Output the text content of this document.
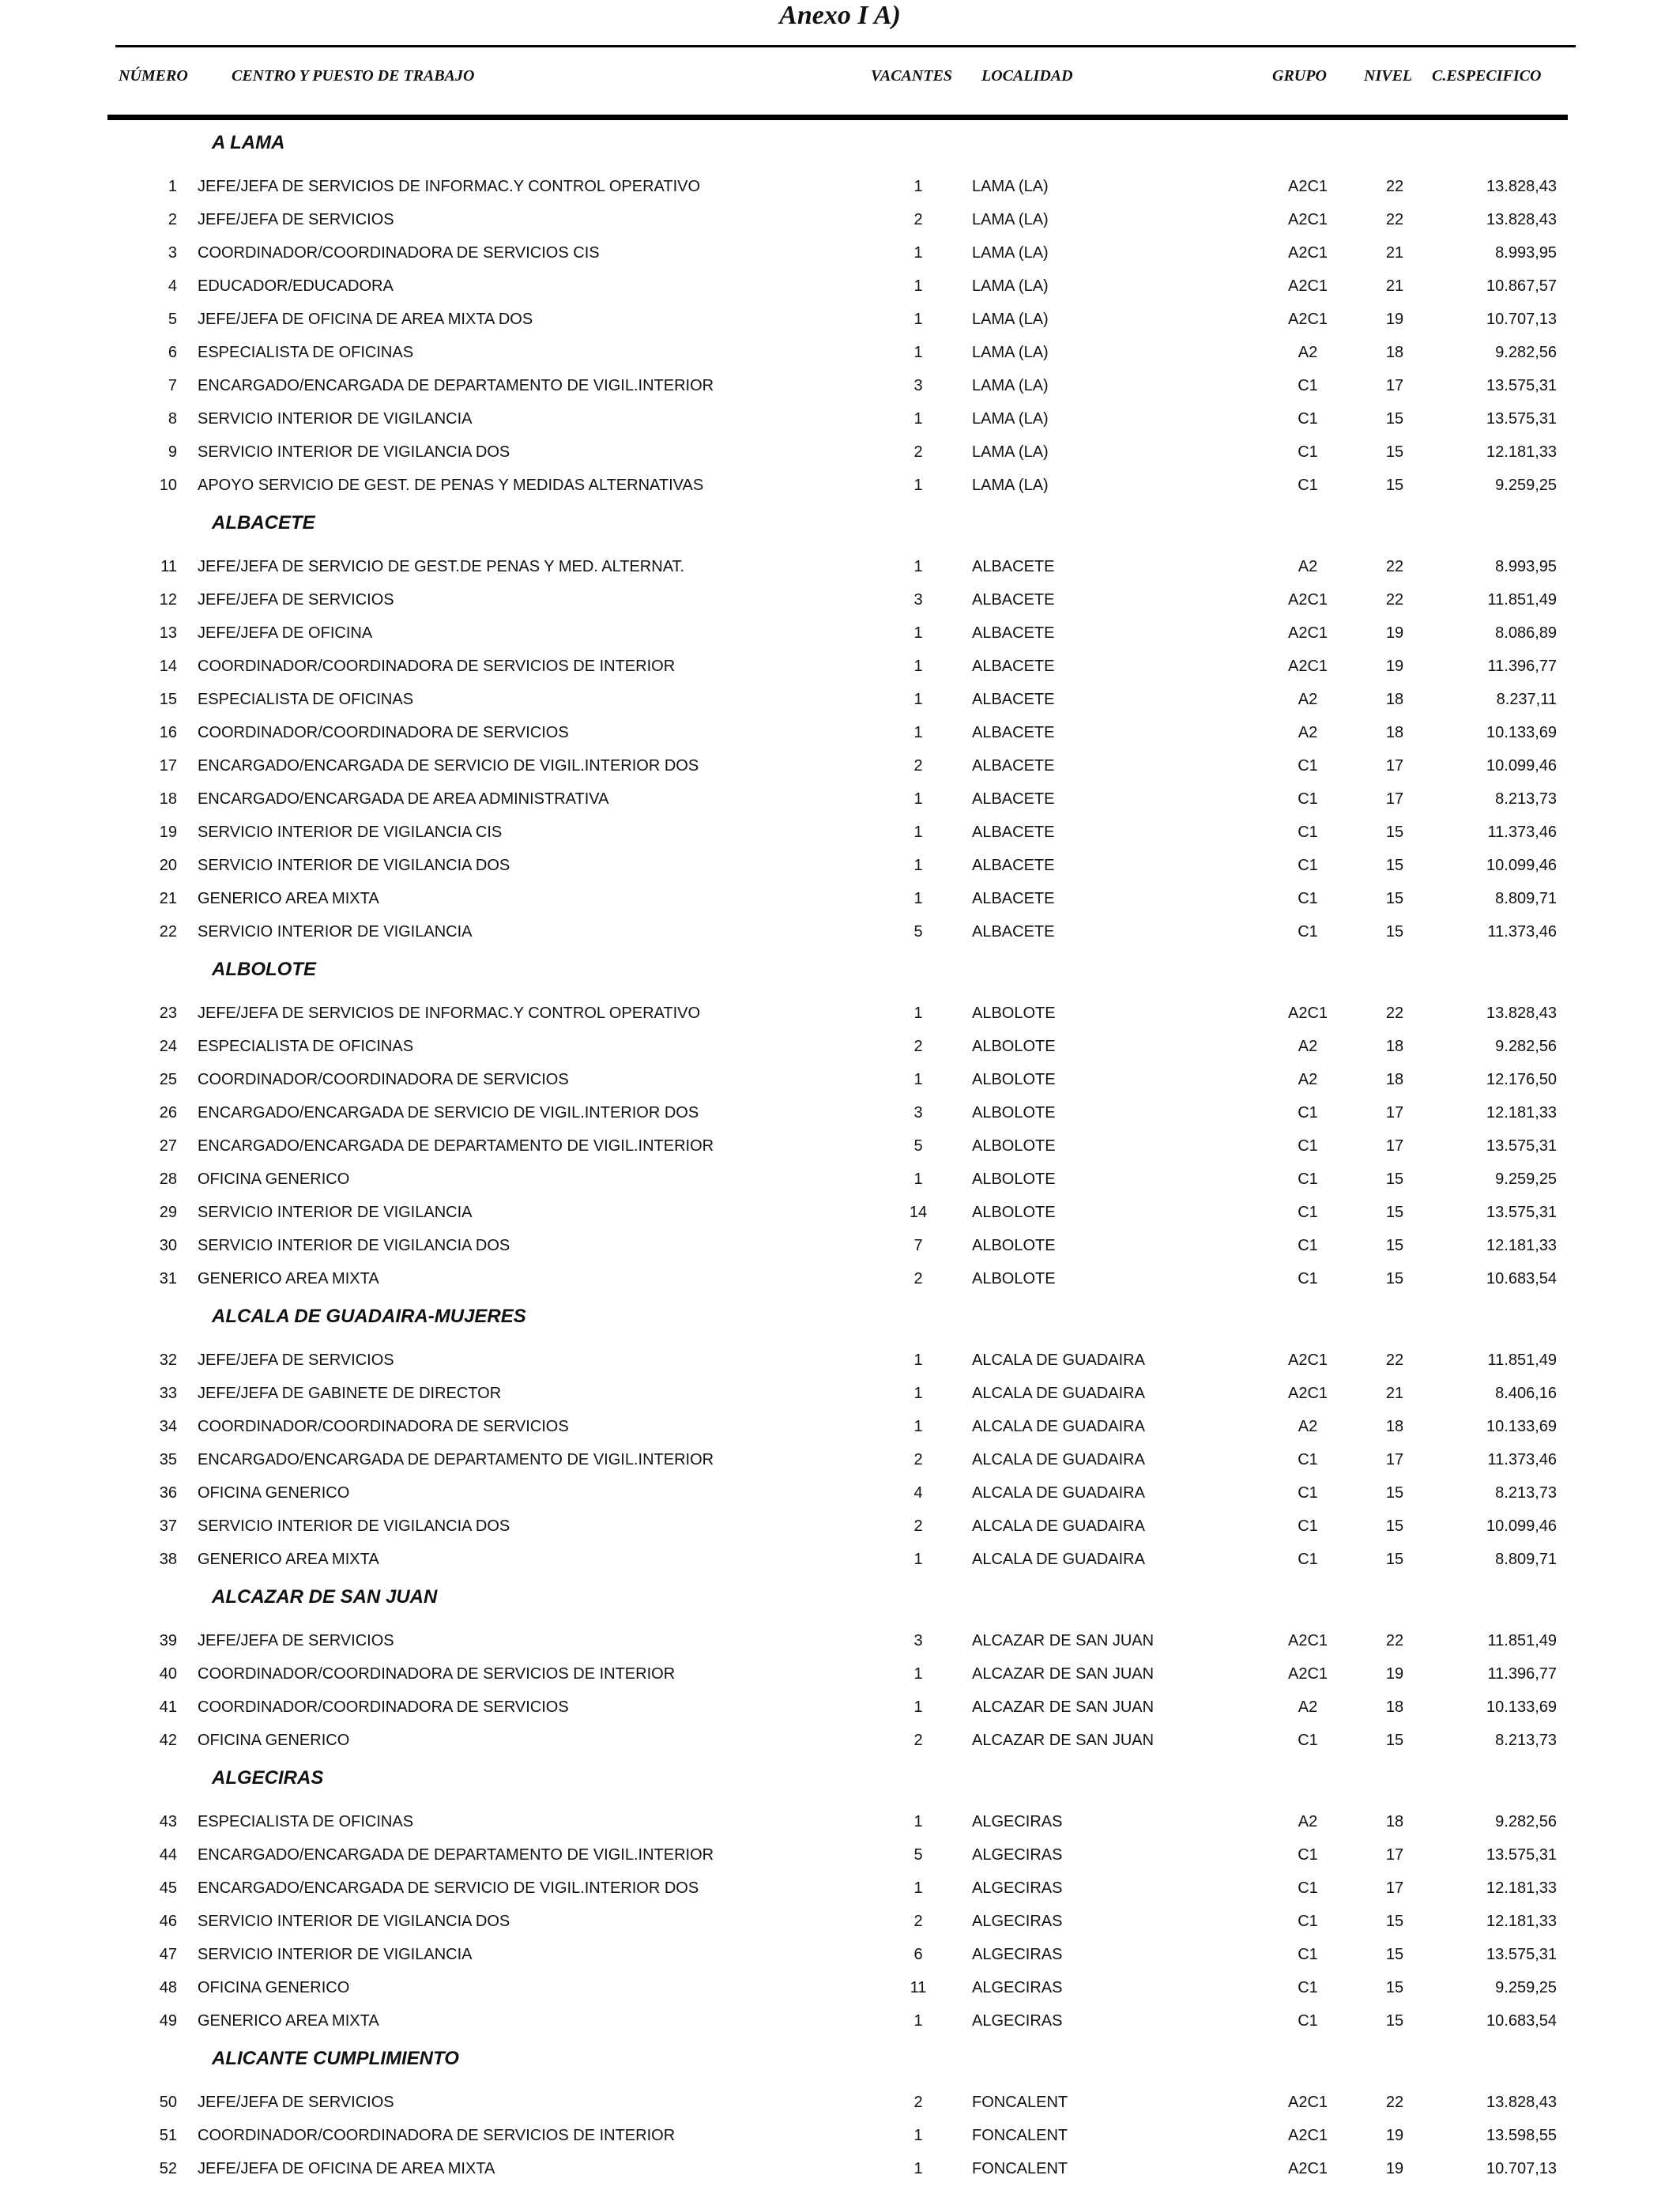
Anexo I A)
NÚMERO	CENTRO Y PUESTO DE TRABAJO	VACANTES LOCALIDAD	GRUPO NIVEL C.ESPECIFICO
A LAMA
1 JEFE/JEFA DE SERVICIOS DE INFORMAC.Y CONTROL OPERATIVO	1	LAMA (LA)	A2C1	22	13.828,43
2 JEFE/JEFA DE SERVICIOS	2	LAMA (LA)	A2C1	22	13.828,43
3 COORDINADOR/COORDINADORA DE SERVICIOS CIS	1	LAMA (LA)	A2C1	21	8.993,95
4 EDUCADOR/EDUCADORA	1	LAMA (LA)	A2C1	21	10.867,57
5 JEFE/JEFA DE OFICINA DE AREA MIXTA DOS	1	LAMA (LA)	A2C1	19	10.707,13
6 ESPECIALISTA DE OFICINAS	1	LAMA (LA)	A2	18	9.282,56
7 ENCARGADO/ENCARGADA DE DEPARTAMENTO DE VIGIL.INTERIOR	3	LAMA (LA)	C1	17	13.575,31
8 SERVICIO INTERIOR DE VIGILANCIA	1	LAMA (LA)	C1	15	13.575,31
9 SERVICIO INTERIOR DE VIGILANCIA DOS	2	LAMA (LA)	C1	15	12.181,33
10 APOYO SERVICIO DE GEST. DE PENAS Y MEDIDAS ALTERNATIVAS	1	LAMA (LA)	C1	15	9.259,25
ALBACETE
11 JEFE/JEFA DE SERVICIO DE GEST.DE PENAS Y MED. ALTERNAT.	1	ALBACETE	A2	22	8.993,95
12 JEFE/JEFA DE SERVICIOS	3	ALBACETE	A2C1	22	11.851,49
13 JEFE/JEFA DE OFICINA	1	ALBACETE	A2C1	19	8.086,89
14 COORDINADOR/COORDINADORA DE SERVICIOS DE INTERIOR	1	ALBACETE	A2C1	19	11.396,77
15 ESPECIALISTA DE OFICINAS	1	ALBACETE	A2	18	8.237,11
16 COORDINADOR/COORDINADORA DE SERVICIOS	1	ALBACETE	A2	18	10.133,69
17 ENCARGADO/ENCARGADA DE SERVICIO DE VIGIL.INTERIOR DOS	2	ALBACETE	C1	17	10.099,46
18 ENCARGADO/ENCARGADA DE AREA ADMINISTRATIVA	1	ALBACETE	C1	17	8.213,73
19 SERVICIO INTERIOR DE VIGILANCIA CIS	1	ALBACETE	C1	15	11.373,46
20 SERVICIO INTERIOR DE VIGILANCIA DOS	1	ALBACETE	C1	15	10.099,46
21 GENERICO AREA MIXTA	1	ALBACETE	C1	15	8.809,71
22 SERVICIO INTERIOR DE VIGILANCIA	5	ALBACETE	C1	15	11.373,46
ALBOLOTE
23 JEFE/JEFA DE SERVICIOS DE INFORMAC.Y CONTROL OPERATIVO	1	ALBOLOTE	A2C1	22	13.828,43
24 ESPECIALISTA DE OFICINAS	2	ALBOLOTE	A2	18	9.282,56
25 COORDINADOR/COORDINADORA DE SERVICIOS	1	ALBOLOTE	A2	18	12.176,50
26 ENCARGADO/ENCARGADA DE SERVICIO DE VIGIL.INTERIOR DOS	3	ALBOLOTE	C1	17	12.181,33
27 ENCARGADO/ENCARGADA DE DEPARTAMENTO DE VIGIL.INTERIOR	5	ALBOLOTE	C1	17	13.575,31
28 OFICINA GENERICO	1	ALBOLOTE	C1	15	9.259,25
29 SERVICIO INTERIOR DE VIGILANCIA	14	ALBOLOTE	C1	15	13.575,31
30 SERVICIO INTERIOR DE VIGILANCIA DOS	7	ALBOLOTE	C1	15	12.181,33
31 GENERICO AREA MIXTA	2	ALBOLOTE	C1	15	10.683,54
ALCALA DE GUADAIRA-MUJERES
32 JEFE/JEFA DE SERVICIOS	1	ALCALA DE GUADAIRA	A2C1	22	11.851,49
33 JEFE/JEFA DE GABINETE DE DIRECTOR	1	ALCALA DE GUADAIRA	A2C1	21	8.406,16
34 COORDINADOR/COORDINADORA DE SERVICIOS	1	ALCALA DE GUADAIRA	A2	18	10.133,69
35 ENCARGADO/ENCARGADA DE DEPARTAMENTO DE VIGIL.INTERIOR	2	ALCALA DE GUADAIRA	C1	17	11.373,46
36 OFICINA GENERICO	4	ALCALA DE GUADAIRA	C1	15	8.213,73
37 SERVICIO INTERIOR DE VIGILANCIA DOS	2	ALCALA DE GUADAIRA	C1	15	10.099,46
38 GENERICO AREA MIXTA	1	ALCALA DE GUADAIRA	C1	15	8.809,71
ALCAZAR DE SAN JUAN
39 JEFE/JEFA DE SERVICIOS	3	ALCAZAR DE SAN JUAN	A2C1	22	11.851,49
40 COORDINADOR/COORDINADORA DE SERVICIOS DE INTERIOR	1	ALCAZAR DE SAN JUAN	A2C1	19	11.396,77
41 COORDINADOR/COORDINADORA DE SERVICIOS	1	ALCAZAR DE SAN JUAN	A2	18	10.133,69
42 OFICINA GENERICO	2	ALCAZAR DE SAN JUAN	C1	15	8.213,73
ALGECIRAS
43 ESPECIALISTA DE OFICINAS	1	ALGECIRAS	A2	18	9.282,56
44 ENCARGADO/ENCARGADA DE DEPARTAMENTO DE VIGIL.INTERIOR	5	ALGECIRAS	C1	17	13.575,31
45 ENCARGADO/ENCARGADA DE SERVICIO DE VIGIL.INTERIOR DOS	1	ALGECIRAS	C1	17	12.181,33
46 SERVICIO INTERIOR DE VIGILANCIA DOS	2	ALGECIRAS	C1	15	12.181,33
47 SERVICIO INTERIOR DE VIGILANCIA	6	ALGECIRAS	C1	15	13.575,31
48 OFICINA GENERICO	11	ALGECIRAS	C1	15	9.259,25
49 GENERICO AREA MIXTA	1	ALGECIRAS	C1	15	10.683,54
ALICANTE CUMPLIMIENTO
50 JEFE/JEFA DE SERVICIOS	2	FONCALENT	A2C1	22	13.828,43
51 COORDINADOR/COORDINADORA DE SERVICIOS DE INTERIOR	1	FONCALENT	A2C1	19	13.598,55
52 JEFE/JEFA DE OFICINA DE AREA MIXTA	1	FONCALENT	A2C1	19	10.707,13
